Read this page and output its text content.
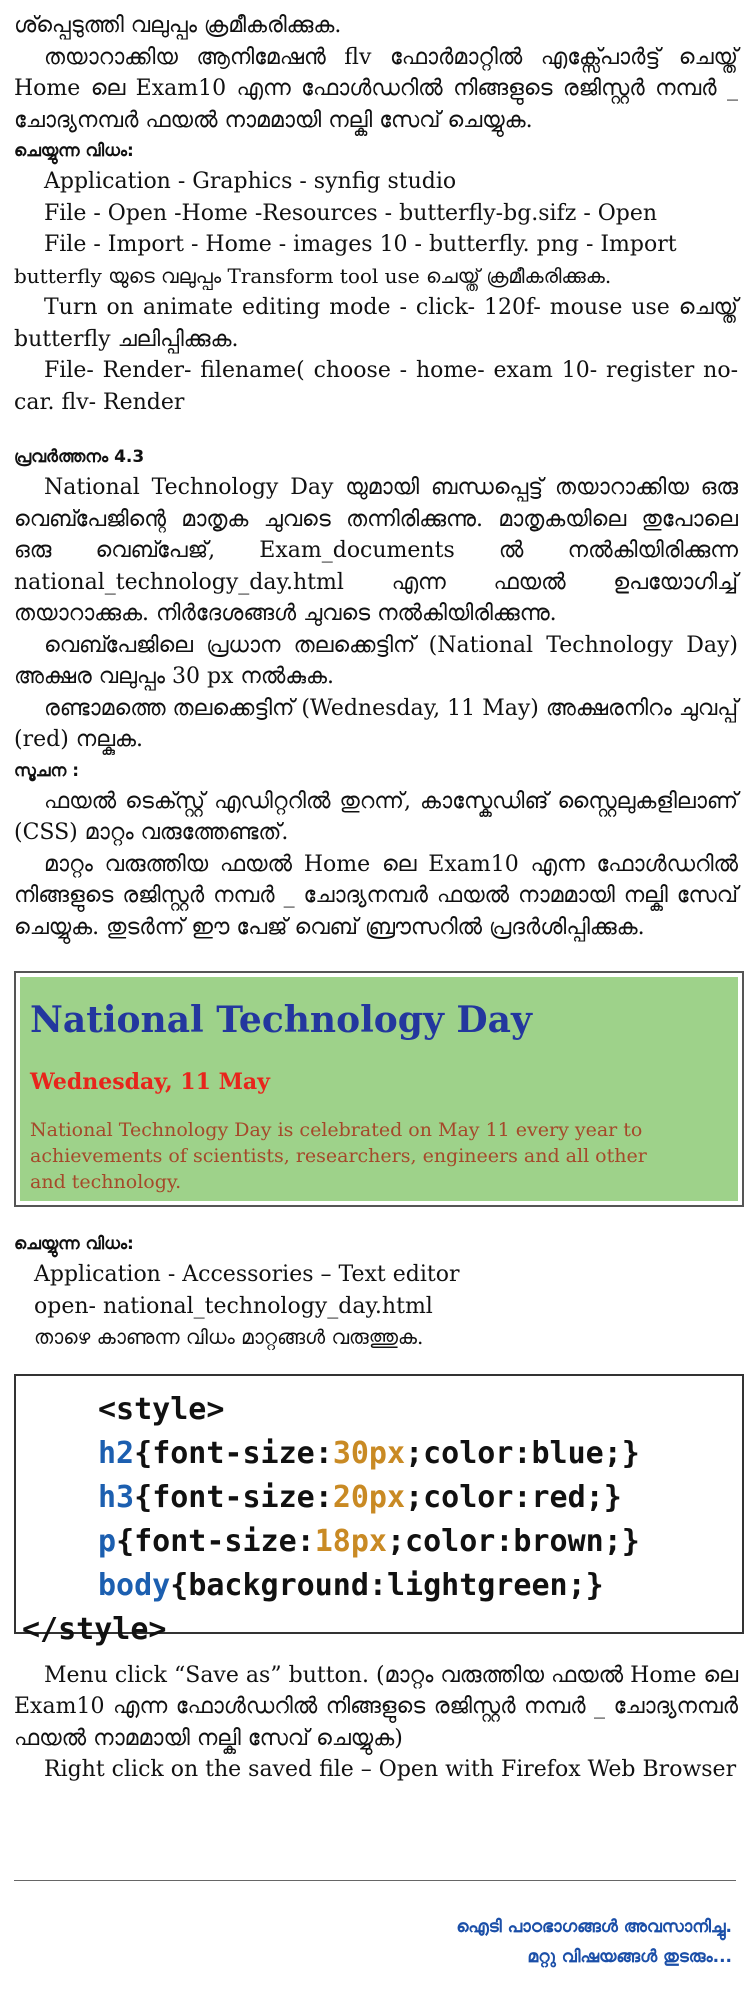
ശ്പ്പെടുത്തി വലുപ്പം ക്രമീകരിക്കുക.
തയാറാക്കിയ ആനിമേഷൻ flv ഫോർമാറ്റിൽ എക്സ്പോർട്ട് ചെയ്ത് Home ലെ Exam10 എന്ന ഫോൾഡറിൽ നിങ്ങളുടെ രജിസ്റ്റർ നമ്പർ _ ചോദ്യനമ്പർ ഫയൽ നാമമായി നല്കി സേവ് ചെയ്യുക.
ചെയ്യുന്ന വിധം:
Application - Graphics - synfig studio
File - Open -Home -Resources - butterfly-bg.sifz - Open
File - Import - Home - images 10 - butterfly. png - Import
butterfly യുടെ വലുപ്പം Transform tool use ചെയ്ത് ക്രമീകരിക്കുക.
Turn on animate editing mode - click- 120f- mouse use ചെയ്ത് butterfly ചലിപ്പിക്കുക.
File- Render- filename( choose - home- exam 10- register no-car. flv- Render
പ്രവർത്തനം 4.3
National Technology Day യുമായി ബന്ധപ്പെട്ട് തയാറാക്കിയ ഒരു വെബ്പേജിന്റെ മാതൃക ചുവടെ തന്നിരിക്കുന്നു. മാതൃകയിലെ തുപോലെ ഒരു വെബ്പേജ്, Exam_documents ൽ നൽകിയിരിക്കുന്ന national_technology_day.html എന്ന ഫയൽ ഉപയോഗിച്ച് തയാറാക്കുക. നിർദേശങ്ങൾ ചുവടെ നൽകിയിരിക്കുന്നു.
വെബ്പേജിലെ പ്രധാന തലക്കെട്ടിന് (National Technology Day) അക്ഷര വലുപ്പം 30 px നൽകുക.
രണ്ടാമത്തെ തലക്കെട്ടിന് (Wednesday, 11 May) അക്ഷരനിറം ചുവപ്പ് (red) നല്കുക.
സൂചന :
ഫയൽ ടെക്സ്റ്റ് എഡിറ്ററിൽ തുറന്ന്, കാസ്കേഡിങ് സ്റ്റൈലുകളിലാണ് (CSS) മാറ്റം വരുത്തേണ്ടത്.
മാറ്റം വരുത്തിയ ഫയൽ Home ലെ Exam10 എന്ന ഫോൾഡറിൽ നിങ്ങളുടെ രജിസ്റ്റർ നമ്പർ _ ചോദ്യനമ്പർ ഫയൽ നാമമായി നല്കി സേവ് ചെയ്യുക. തുടർന്ന് ഈ പേജ് വെബ് ബ്രൗസറിൽ പ്രദർശിപ്പിക്കുക.
National Technology Day
Wednesday, 11 May
National Technology Day is celebrated on May 11 every year to
achievements of scientists, researchers, engineers and all other
and technology.
ചെയ്യുന്ന വിധം:
Application - Accessories – Text editor
open- national_technology_day.html
താഴെ കാണുന്ന വിധം മാറ്റങ്ങൾ വരുത്തുക.
<style>
h2{font-size:30px;color:blue;}
h3{font-size:20px;color:red;}
p{font-size:18px;color:brown;}
body{background:lightgreen;}
</style>
Menu click “Save as” button. (മാറ്റം വരുത്തിയ ഫയൽ Home ലെ Exam10 എന്ന ഫോൾഡറിൽ നിങ്ങളുടെ രജിസ്റ്റർ നമ്പർ _ ചോദ്യനമ്പർ ഫയൽ നാമമായി നല്കി സേവ് ചെയ്യുക)
Right click on the saved file – Open with Firefox Web Browser
ഐടി പാഠഭാഗങ്ങൾ അവസാനിച്ചു.
മറ്റു വിഷയങ്ങൾ തുടരും...
